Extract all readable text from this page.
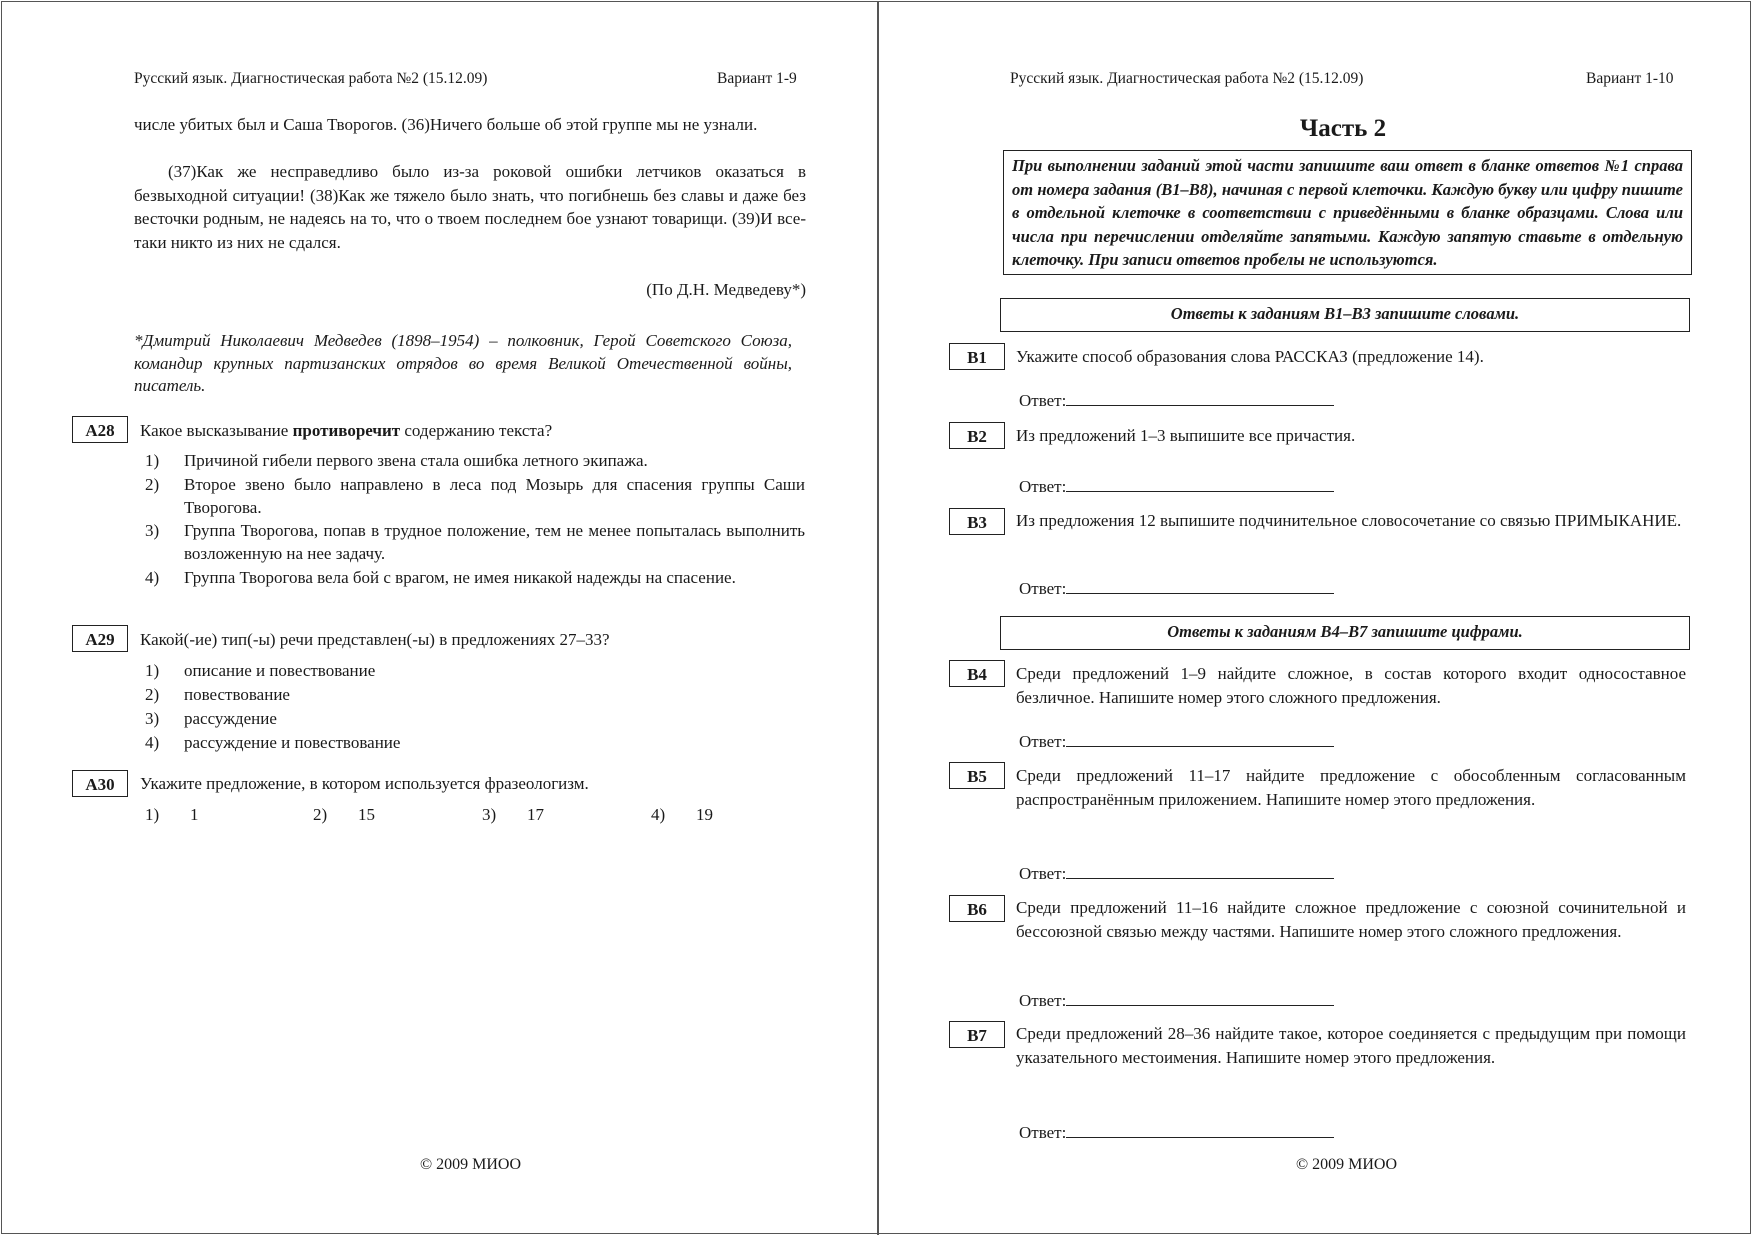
Русский язык. Диагностическая работа №2 (15.12.09)	Вариант 1-9
числе убитых был и Саша Творогов. (36)Ничего больше об этой группе мы не узнали.
(37)Как же несправедливо было из-за роковой ошибки летчиков оказаться в безвыходной ситуации! (38)Как же тяжело было знать, что погибнешь без славы и даже без весточки родным, не надеясь на то, что о твоем последнем бое узнают товарищи. (39)И все-таки никто из них не сдался.
(По Д.Н. Медведеву*)
*Дмитрий Николаевич Медведев (1898–1954) – полковник, Герой Советского Союза, командир крупных партизанских отрядов во время Великой Отечественной войны, писатель.
А28	Какое высказывание противоречит содержанию текста?
1) Причиной гибели первого звена стала ошибка летного экипажа.
2) Второе звено было направлено в леса под Мозырь для спасения группы Саши Творогова.
3) Группа Творогова, попав в трудное положение, тем не менее попыталась выполнить возложенную на нее задачу.
4) Группа Творогова вела бой с врагом, не имея никакой надежды на спасение.
А29	Какой(-ие) тип(-ы) речи представлен(-ы) в предложениях 27–33?
1) описание и повествование
2) повествование
3) рассуждение
4) рассуждение и повествование
А30	Укажите предложение, в котором используется фразеологизм.
1) 1	2) 15	3) 17	4) 19
© 2009 МИОО
Русский язык. Диагностическая работа №2 (15.12.09)	Вариант 1-10
Часть 2
При выполнении заданий этой части запишите ваш ответ в бланке ответов №1 справа от номера задания (В1–В8), начиная с первой клеточки. Каждую букву или цифру пишите в отдельной клеточке в соответствии с приведёнными в бланке образцами. Слова или числа при перечислении отделяйте запятыми. Каждую запятую ставьте в отдельную клеточку. При записи ответов пробелы не используются.
Ответы к заданиям В1–В3 запишите словами.
В1	Укажите способ образования слова РАССКАЗ (предложение 14).
Ответ:
В2	Из предложений 1–3 выпишите все причастия.
Ответ:
В3	Из предложения 12 выпишите подчинительное словосочетание со связью ПРИМЫКАНИЕ.
Ответ:
Ответы к заданиям В4–В7 запишите цифрами.
В4	Среди предложений 1–9 найдите сложное, в состав которого входит односоставное безличное. Напишите номер этого сложного предложения.
Ответ:
В5	Среди предложений 11–17 найдите предложение с обособленным согласованным распространённым приложением. Напишите номер этого предложения.
Ответ:
В6	Среди предложений 11–16 найдите сложное предложение с союзной сочинительной и бессоюзной связью между частями. Напишите номер этого сложного предложения.
Ответ:
В7	Среди предложений 28–36 найдите такое, которое соединяется с предыдущим при помощи указательного местоимения. Напишите номер этого предложения.
Ответ:
© 2009 МИОО
